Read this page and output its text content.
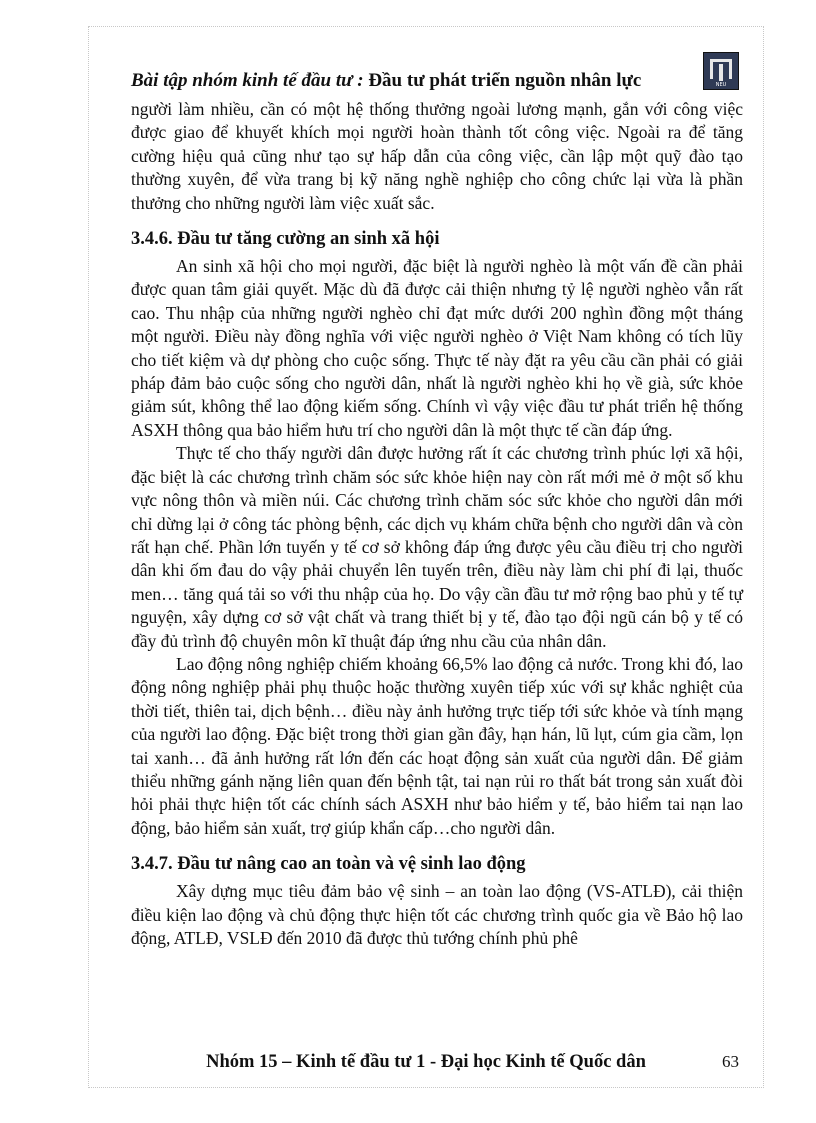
Bài tập nhóm kinh tế đầu tư : Đầu tư phát triển nguồn nhân lực	NEU

người làm nhiều, cần có một hệ thống thưởng ngoài lương mạnh, gắn với công việc được giao để khuyết khích mọi người hoàn thành tốt công việc. Ngoài ra để tăng cường hiệu quả cũng như tạo sự hấp dẫn của công việc, cần lập một quỹ đào tạo thường xuyên, để vừa trang bị kỹ năng nghề nghiệp cho công chức lại vừa là phần thưởng cho những người làm việc xuất sắc.

3.4.6. Đầu tư tăng cường an sinh xã hội

An sinh xã hội cho mọi người, đặc biệt là người nghèo là một vấn đề cần phải được quan tâm giải quyết. Mặc dù đã được cải thiện nhưng tỷ lệ người nghèo vẫn rất cao. Thu nhập của những người nghèo chỉ đạt mức dưới 200 nghìn đồng một tháng một người. Điều này đồng nghĩa với việc người nghèo ở Việt Nam không có tích lũy cho tiết kiệm và dự phòng cho cuộc sống. Thực tế này đặt ra yêu cầu cần phải có giải pháp đảm bảo cuộc sống cho người dân, nhất là người nghèo khi họ về già, sức khỏe giảm sút, không thể lao động kiếm sống. Chính vì vậy việc đầu tư phát triển hệ thống ASXH thông qua bảo hiểm hưu trí cho người dân là một thực tế cần đáp ứng.

Thực tế cho thấy người dân được hưởng rất ít các chương trình phúc lợi xã hội, đặc biệt là các chương trình chăm sóc sức khỏe hiện nay còn rất mới mẻ ở một số khu vực nông thôn và miền núi. Các chương trình chăm sóc sức khỏe cho người dân mới chỉ dừng lại ở công tác phòng bệnh, các dịch vụ khám chữa bệnh cho người dân và còn rất hạn chế. Phần lớn tuyến y tế cơ sở không đáp ứng được yêu cầu điều trị cho người dân khi ốm đau do vậy phải chuyển lên tuyến trên, điều này làm chi phí đi lại, thuốc men… tăng quá tải so với thu nhập của họ. Do vậy cần đầu tư mở rộng bao phủ y tế tự nguyện, xây dựng cơ sở vật chất và trang thiết bị y tế, đào tạo đội ngũ cán bộ y tế có đầy đủ trình độ chuyên môn kĩ thuật đáp ứng nhu cầu của nhân dân.

Lao động nông nghiệp chiếm khoảng 66,5% lao động cả nước. Trong khi đó, lao động nông nghiệp phải phụ thuộc hoặc thường xuyên tiếp xúc với sự khắc nghiệt của thời tiết, thiên tai, dịch bệnh… điều này ảnh hưởng trực tiếp tới sức khỏe và tính mạng của người lao động. Đặc biệt trong thời gian gần đây, hạn hán, lũ lụt, cúm gia cầm, lọn tai xanh… đã ảnh hưởng rất lớn đến các hoạt động sản xuất của người dân. Để giảm thiểu những gánh nặng liên quan đến bệnh tật, tai nạn rủi ro thất bát trong sản xuất đòi hỏi phải thực hiện tốt các chính sách ASXH như bảo hiểm y tế, bảo hiểm tai nạn lao động, bảo hiểm sản xuất, trợ giúp khẩn cấp…cho người dân.

3.4.7. Đầu tư nâng cao an toàn và vệ sinh lao động

Xây dựng mục tiêu đảm bảo vệ sinh – an toàn lao động (VS-ATLĐ), cải thiện điều kiện lao động và chủ động thực hiện tốt các chương trình quốc gia về Bảo hộ lao động, ATLĐ, VSLĐ đến 2010 đã được thủ tướng chính phủ phê

Nhóm 15 – Kinh tế đầu tư 1 - Đại học Kinh tế Quốc dân	63
